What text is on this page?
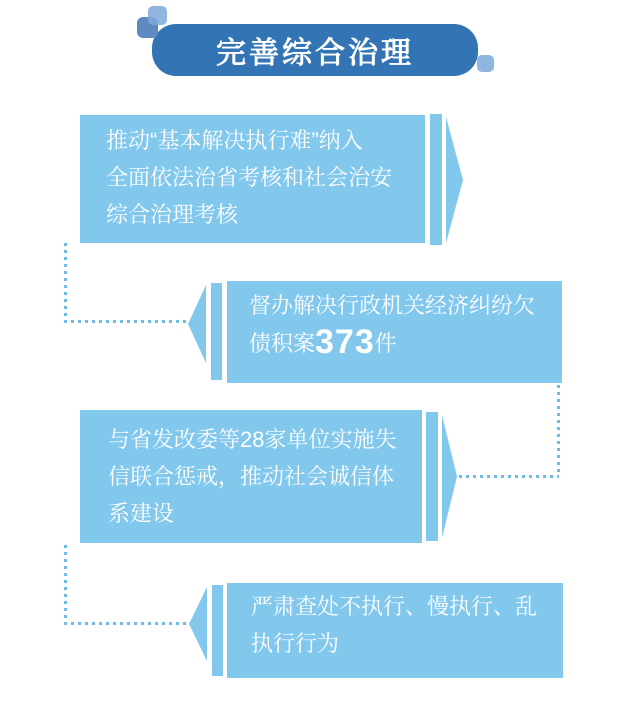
完善综合治理
推动“基本解决执行难”纳入
全面依法治省考核和社会治安
综合治理考核
督办解决行政机关经济纠纷欠
债积案373件
与省发改委等28家单位实施失
信联合惩戒，推动社会诚信体
系建设
严肃查处不执行、慢执行、乱
执行行为
